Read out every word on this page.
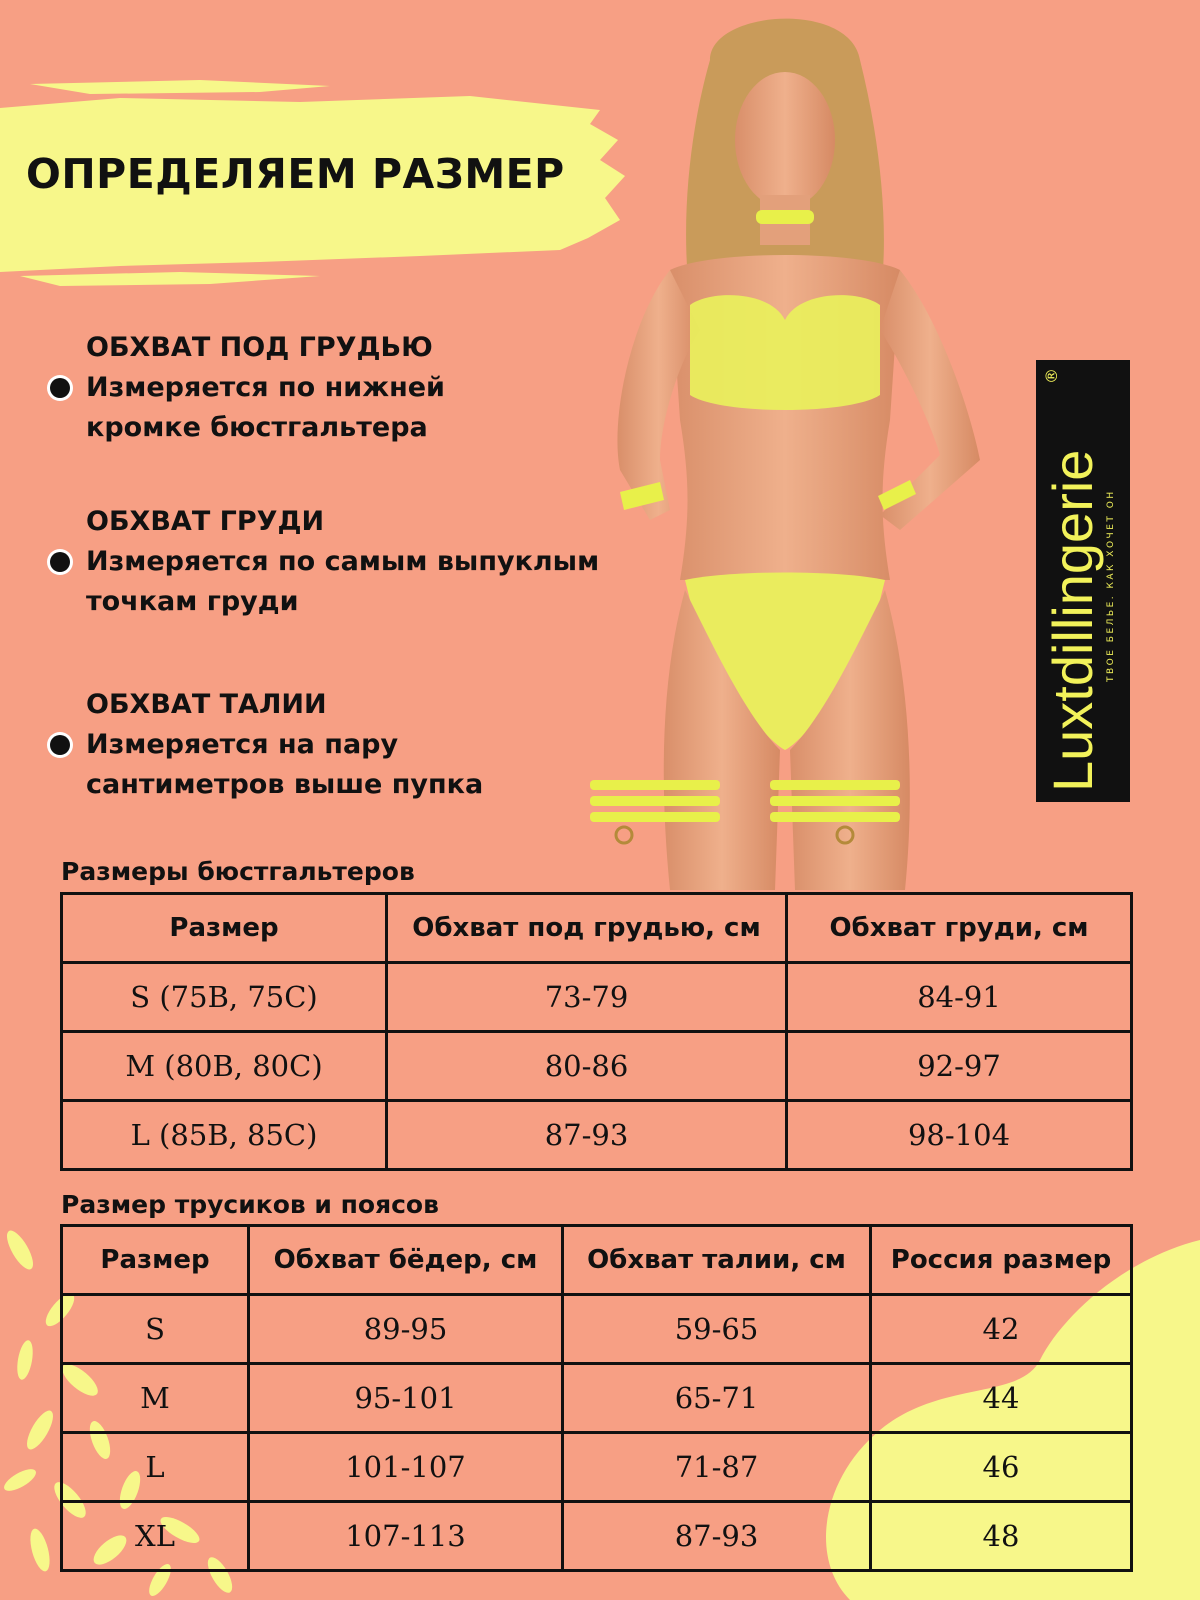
ОПРЕДЕЛЯЕМ РАЗМЕР
ОБХВАТ ПОД ГРУДЬЮ

Измеряется по нижней
кромке бюстгальтера

ОБХВАТ ГРУДИ

Измеряется по самым выпуклым
точкам груди

ОБХВАТ ТАЛИИ

Измеряется на пару
сантиметров выше пупка	Luxtdillingerie
®
ТВОЕ БЕЛЬЕ. КАК ХОЧЕТ ОН

Размеры бюстгальтеров

Размер	Обхват под грудью, см	Обхват груди, см
S (75B, 75C)	73-79	84-91
M (80B, 80C)	80-86	92-97
L (85B, 85C)	87-93	98-104

Размер трусиков и поясов

Размер	Обхват бёдер, см	Обхват талии, см	Россия размер
S	89-95	59-65	42
M	95-101	65-71	44
L	101-107	71-87	46
XL	107-113	87-93	48
